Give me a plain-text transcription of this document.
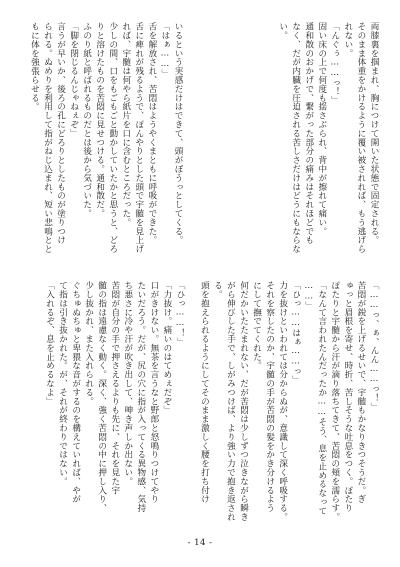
両膝裏を掴まれ、胸につけて開いた状態で固定される。

そのまま体重をかけるように覆い被されれば、もう逃げら

れない。

「んぐぅ……っ！」

固い床の上で何度も揺さぶられ、背中が擦れて痛い。

通和散のおかげで、繋がった部分の痛みはそれほどでも

なく、だが内臓を圧迫される苦しさだけはどうにもならな

い。

「……っ、ぁ、んん……っ！」

苦悶が鋭を上げるせいで、宇髄もかなりきつそうだ。ぎ

ゅっと眉根を寄せ、時折、苦しそうな吐息をつく。ぽたり

ぽたりと宇髄から汗が滴り落ちてきて、苦悶の頬を濡らす。

「なんて言われたんだったか……そう、息を止めるなって

……」

「ひっ……はぁ……っ」

力を抜けといわれては分からぬが、意識して深く呼吸する。

それを察したのか、宇髄の手が苦悶の髪をかき分けるよう

にして撫でてくれた。

何だかいたたまれない、だが苦悶は少しずつ泣きながら瞬き

がら伸びした手で、しがみつけば、より強い力で抱き返され

る。

頭を抱えられるようにしてそのまま激しく腰を打ち付け

いるという実感だけはできて、頭がぼうっとしてくる。

「はぁ……」

舌を解放され、苦悶はようやくまともに呼吸ができた。

舌に痺れが残るようで、ぽんやりとした頭で宇髄を見上げ

れば、宇髄は何やら紙片を口に含むところだった。

少しの間、口をもごもごと動かしていたかと思うと、どろ

りと溶けたものを苦悶に見せつける。通和散だ。

ふのり紙と呼ばれるものだとは後から気づいた。

「脚を閉じるんじゃねぇぞ」

言うが早いか、後ろの孔にどろりとしたものが塗りつけ

られる。ぬめりを利用して指がねじ込まれ、短い悲鳴とと

もに体を強張らせる。

「ひっ……！」

「力抜け。痛いのはてめぇだぞ」

口がきけない。無茶を言うなと野郎と怒鳴りつけてやり

たいだろう。だが、尻の穴に指が入ってくる異物感、気持

ち悪さに冷や汗が吹き出して、呻き声しか出ない。

苦悶が自分の手で押さえるよりも先に、それを見た宇

髄の指は遠慮なく動く。深く、強く苦悶の中に押し入り、

少し抜かれ、また入れられる。

ぐちゅぬちゅと卑猥な音がするのを構えていれば、やが

て指は引き抜かれた。が、それが終わりではない。

「入れるぞ、息を止めるなよ」

- 14 -
